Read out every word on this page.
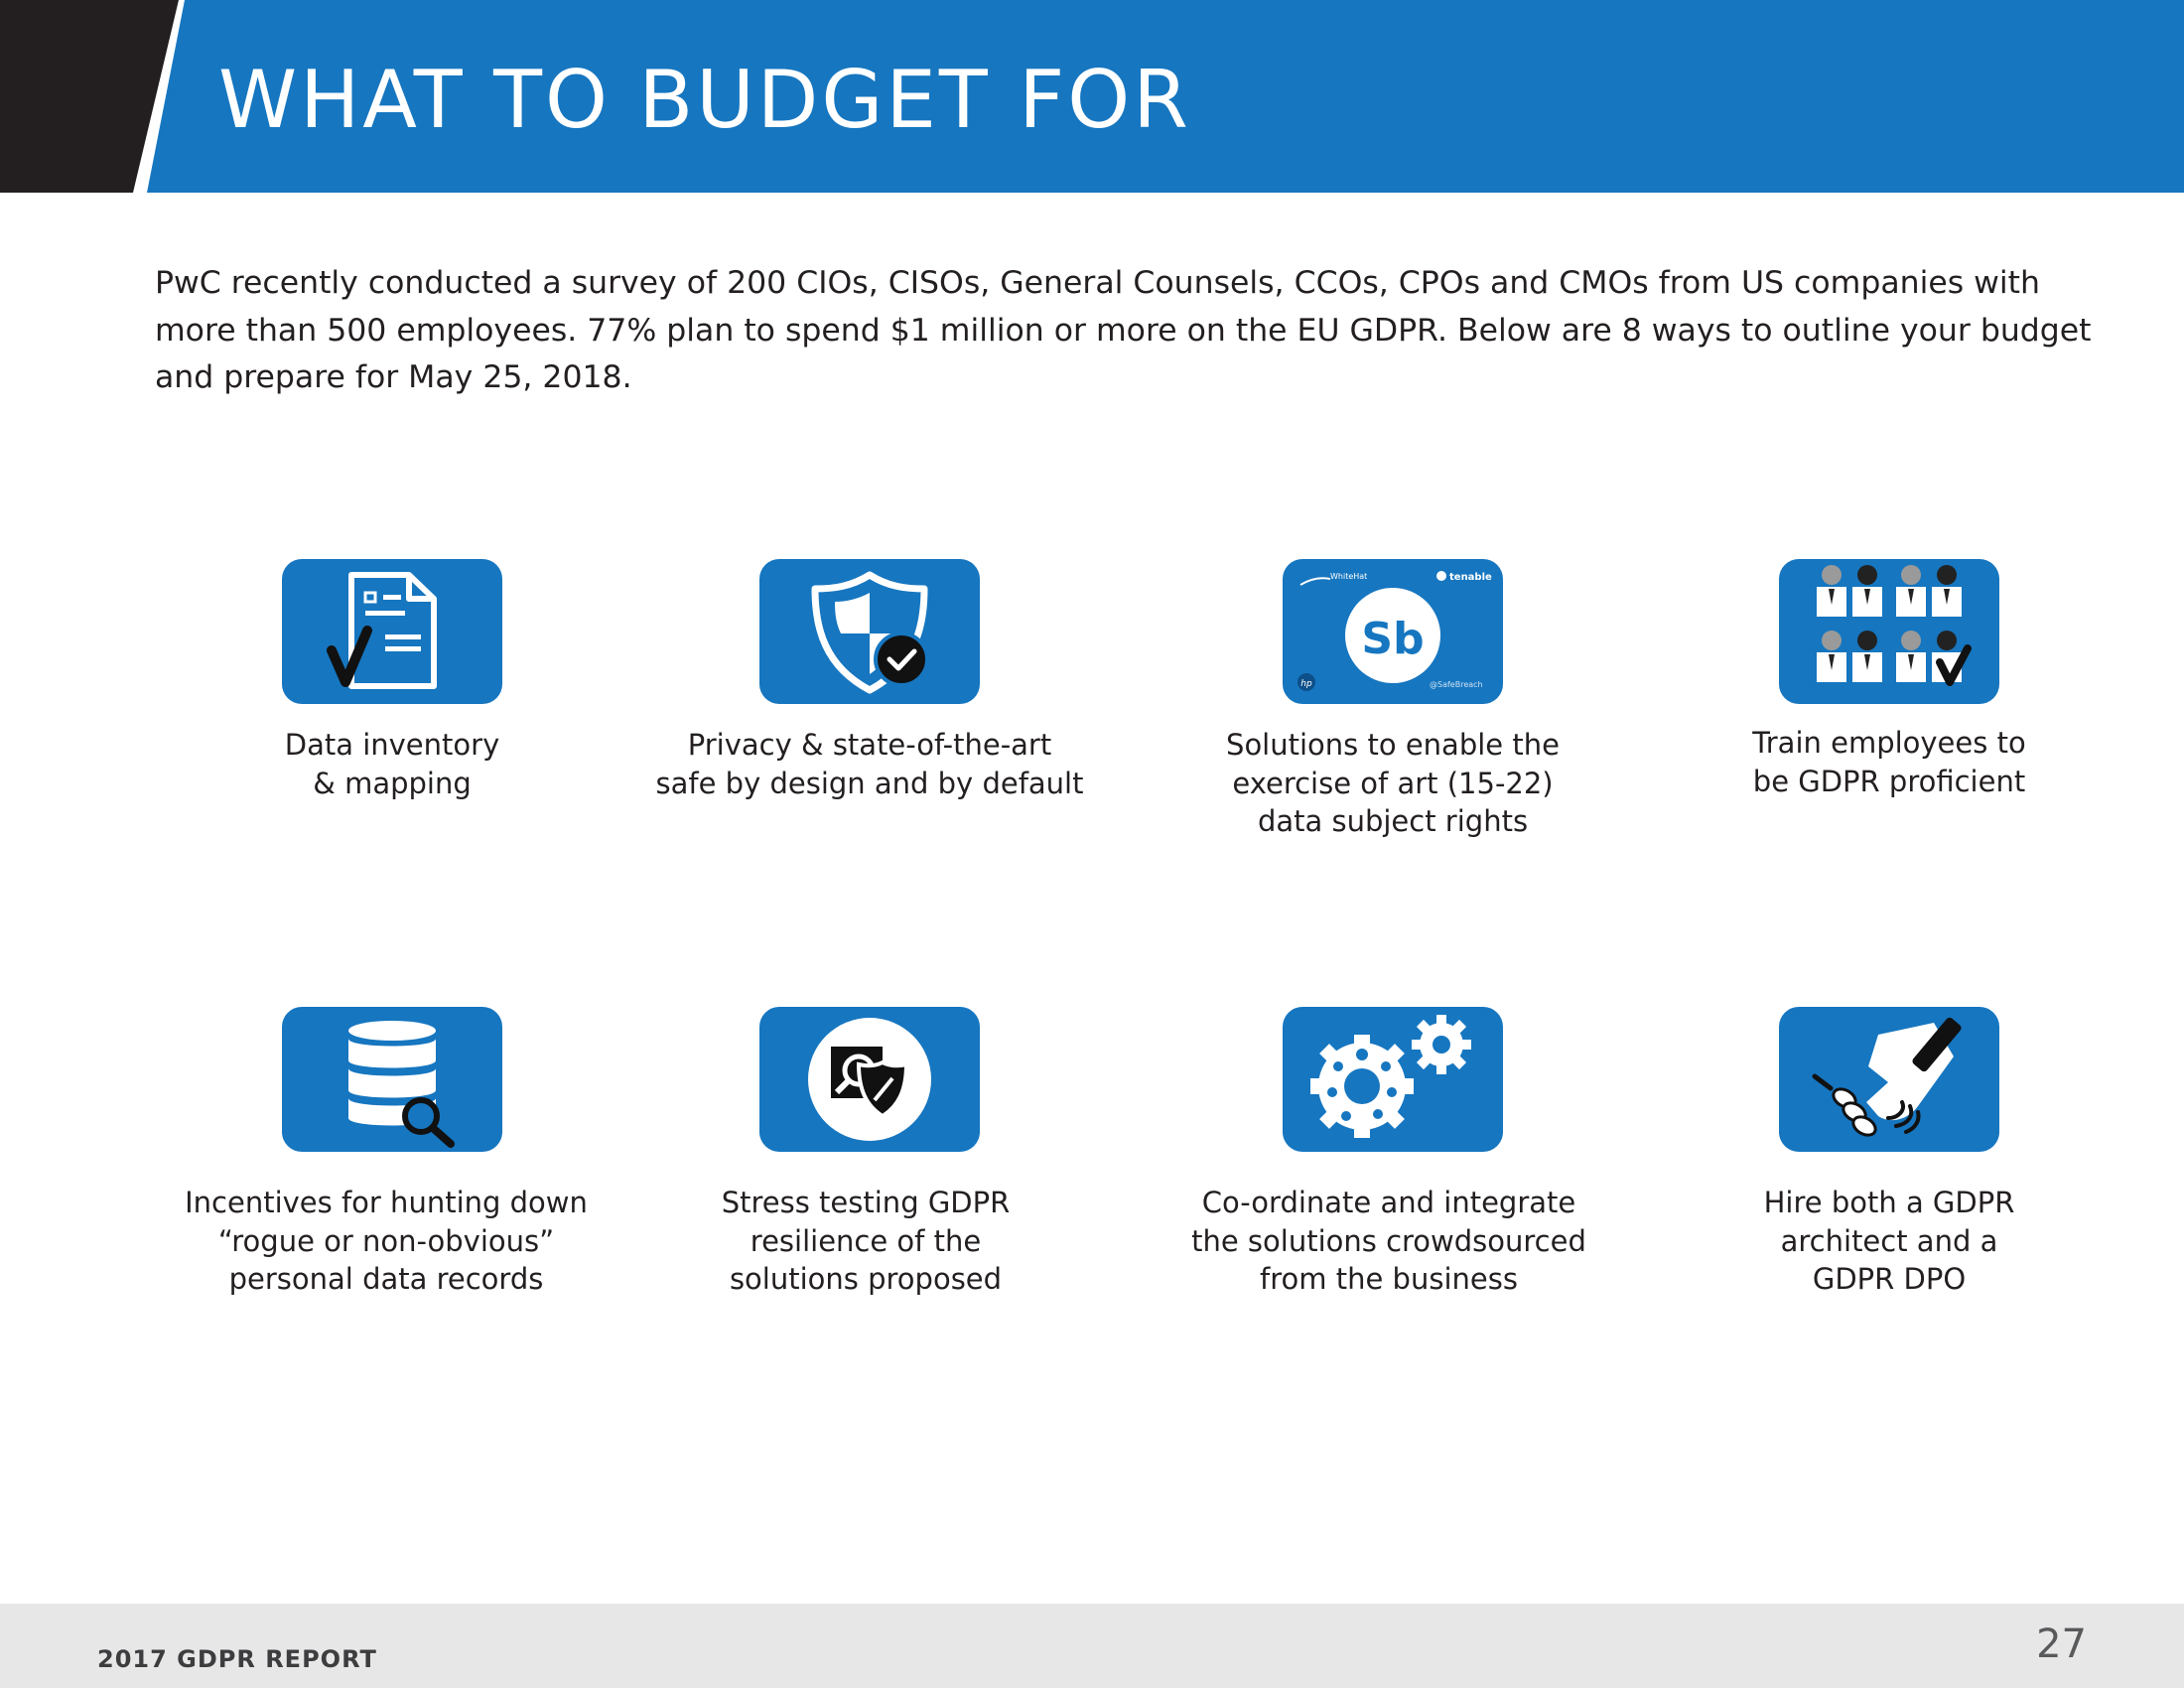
WHAT TO BUDGET FOR

PwC recently conducted a survey of 200 CIOs, CISOs, General Counsels, CCOs, CPOs and CMOs from US companies with more than 500 employees. 77% plan to spend $1 million or more on the EU GDPR. Below are 8 ways to outline your budget and prepare for May 25, 2018.

Data inventory
& mapping
Privacy & state-of-the-art
safe by design and by default
WhiteHat	tenable
Sb
hp	@SafeBreach
Solutions to enable the
exercise of art (15-22)
data subject rights
Train employees to
be GDPR proficient
Incentives for hunting down
“rogue or non-obvious”
personal data records
Stress testing GDPR
resilience of the
solutions proposed
Co-ordinate and integrate
the solutions crowdsourced
from the business
Hire both a GDPR
architect and a
GDPR DPO
2017 GDPR REPORT	27
